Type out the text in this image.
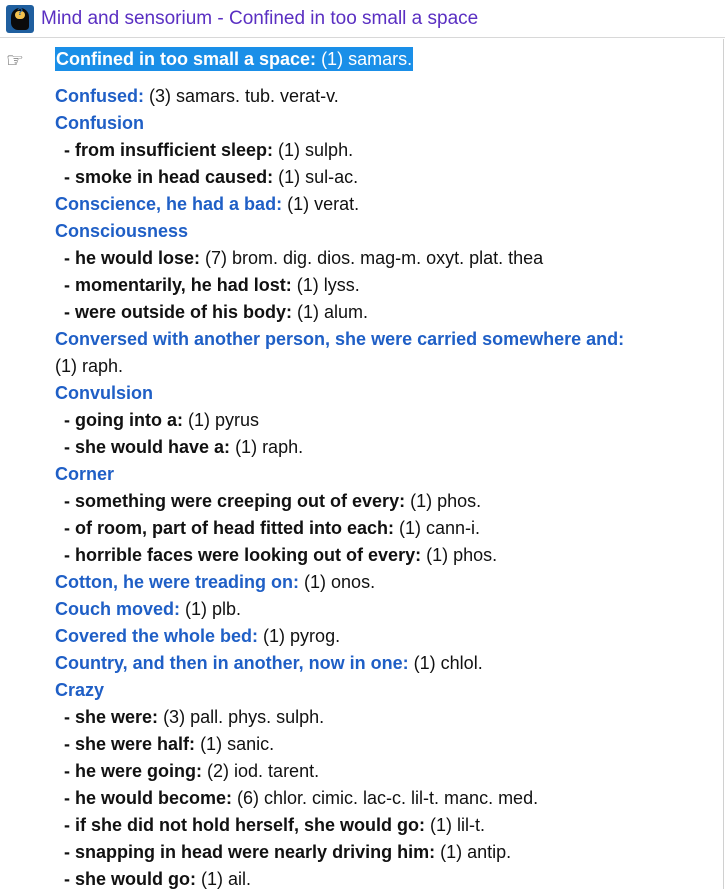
? Mind and sensorium - Confined in too small a space
☞	Confined in too small a space: (1) samars.
Confused: (3) samars. tub. verat-v.
Confusion
- from insufficient sleep: (1) sulph.
- smoke in head caused: (1) sul-ac.
Conscience, he had a bad: (1) verat.
Consciousness
- he would lose: (7) brom. dig. dios. mag-m. oxyt. plat. thea
- momentarily, he had lost: (1) lyss.
- were outside of his body: (1) alum.
Conversed with another person, she were carried somewhere and:
(1) raph.
Convulsion
- going into a: (1) pyrus
- she would have a: (1) raph.
Corner
- something were creeping out of every: (1) phos.
- of room, part of head fitted into each: (1) cann-i.
- horrible faces were looking out of every: (1) phos.
Cotton, he were treading on: (1) onos.
Couch moved: (1) plb.
Covered the whole bed: (1) pyrog.
Country, and then in another, now in one: (1) chlol.
Crazy
- she were: (3) pall. phys. sulph.
- she were half: (1) sanic.
- he were going: (2) iod. tarent.
- he would become: (6) chlor. cimic. lac-c. lil-t. manc. med.
- if she did not hold herself, she would go: (1) lil-t.
- snapping in head were nearly driving him: (1) antip.
- she would go: (1) ail.
